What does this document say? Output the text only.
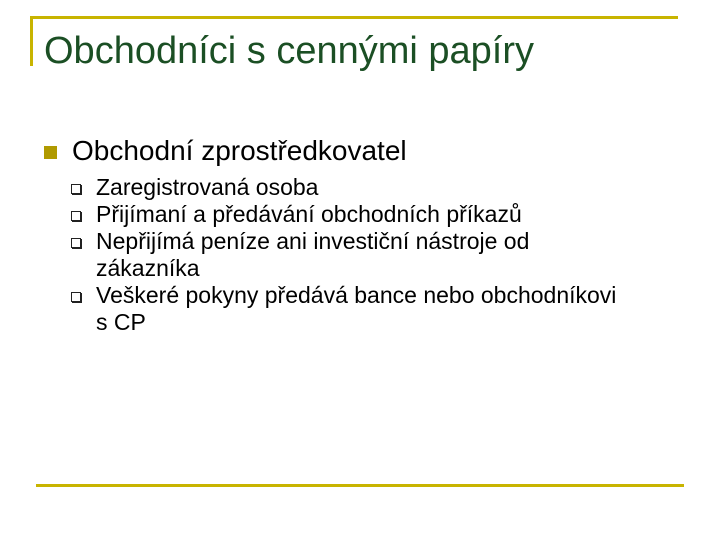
Obchodníci s cennými papíry
Obchodní zprostředkovatel
Zaregistrovaná osoba
Přijímaní a předávání obchodních příkazů
Nepřijímá peníze ani investiční nástroje od zákazníka
Veškeré pokyny předává bance nebo obchodníkovi s CP
